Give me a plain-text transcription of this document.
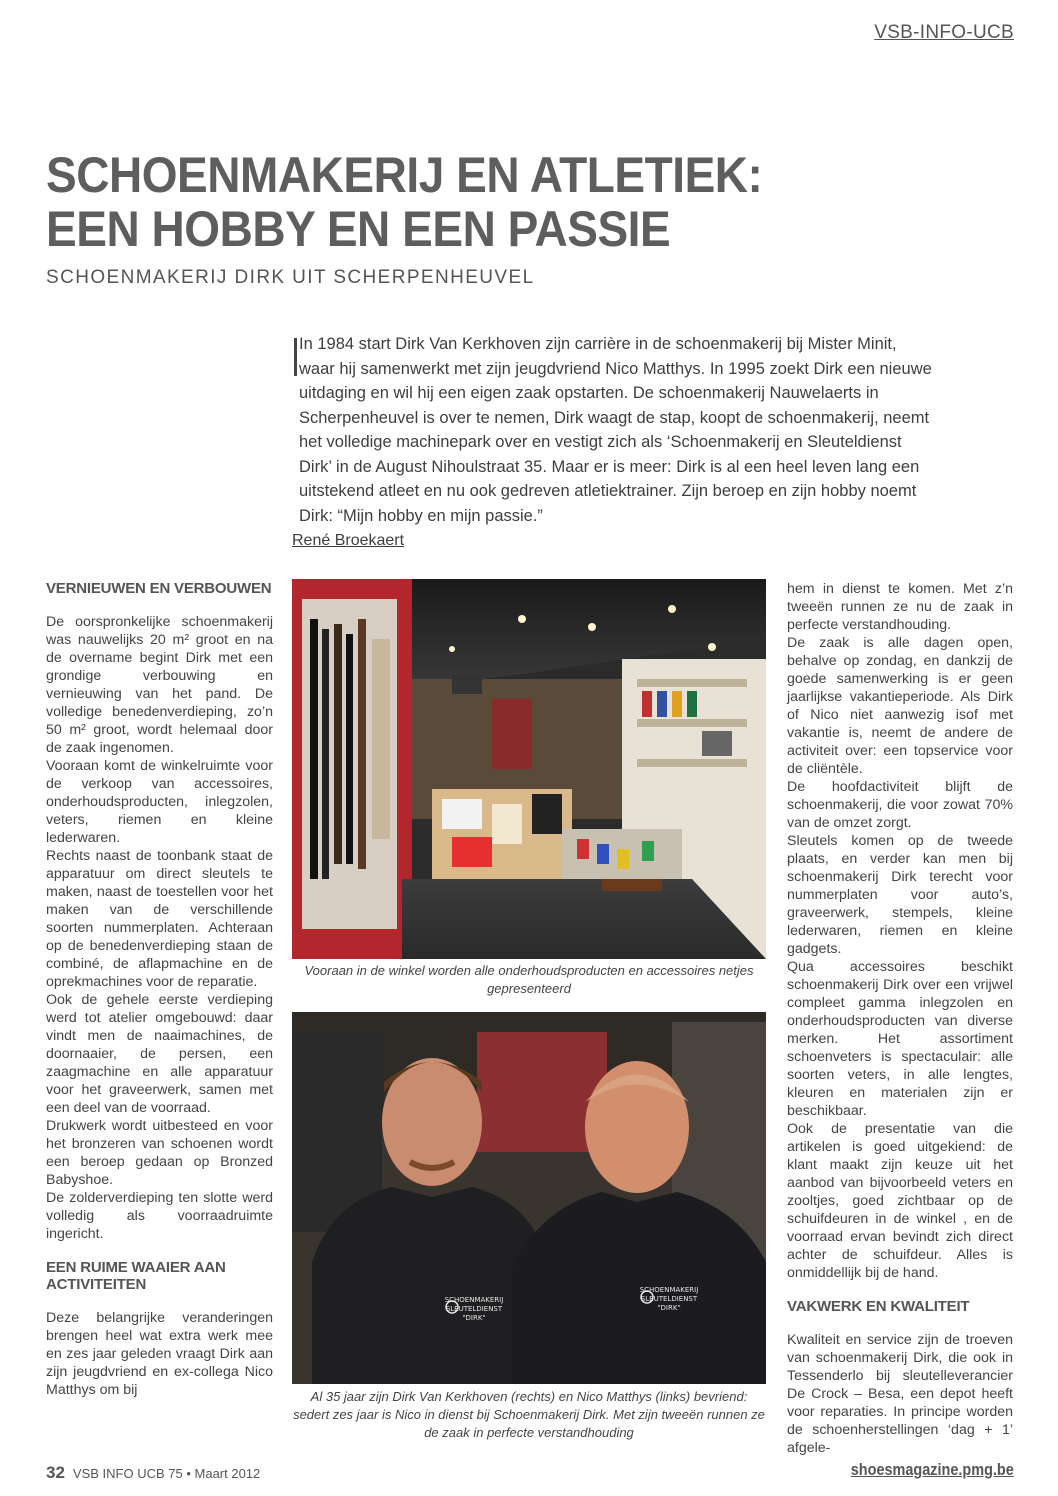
VSB-INFO-UCB
SCHOENMAKERIJ EN ATLETIEK:
EEN HOBBY EN EEN PASSIE
SCHOENMAKERIJ DIRK UIT SCHERPENHEUVEL

In 1984 start Dirk Van Kerkhoven zijn carrière in de schoenmakerij bij Mister Minit, waar hij samenwerkt met zijn jeugdvriend Nico Matthys. In 1995 zoekt Dirk een nieuwe uitdaging en wil hij een eigen zaak opstarten. De schoenmakerij Nauwelaerts in Scherpenheuvel is over te nemen, Dirk waagt de stap, koopt de schoenmakerij, neemt het volledige machinepark over en vestigt zich als ‘Schoenmakerij en Sleuteldienst Dirk’ in de August Nihoulstraat 35. Maar er is meer: Dirk is al een heel leven lang een uitstekend atleet en nu ook gedreven atletiektrainer. Zijn beroep en zijn hobby noemt Dirk: “Mijn hobby en mijn passie.”

René Broekaert
VERNIEUWEN EN VERBOUWEN

De oorspronkelijke schoenmakerij was nauwelijks 20 m² groot en na de overname begint Dirk met een grondige verbouwing en vernieuwing van het pand. De volledige benedenverdieping, zo’n 50 m² groot, wordt helemaal door de zaak ingenomen.

Vooraan komt de winkelruimte voor de verkoop van accessoires, onderhoudsproducten, inlegzolen, veters, riemen en kleine lederwaren.

Rechts naast de toonbank staat de apparatuur om direct sleutels te maken, naast de toestellen voor het maken van de verschillende soorten nummerplaten. Achteraan op de benedenverdieping staan de combiné, de aflapmachine en de oprekmachines voor de reparatie.

Ook de gehele eerste verdieping werd tot atelier omgebouwd: daar vindt men de naaimachines, de doornaaier, de persen, een zaagmachine en alle apparatuur voor het graveerwerk, samen met een deel van de voorraad.

Drukwerk wordt uitbesteed en voor het bronzeren van schoenen wordt een beroep gedaan op Bronzed Babyshoe.

De zolderverdieping ten slotte werd volledig als voorraadruimte ingericht.

EEN RUIME WAAIER AAN ACTIVITEITEN

Deze belangrijke veranderingen brengen heel wat extra werk mee en zes jaar geleden vraagt Dirk aan zijn jeugdvriend en ex-collega Nico Matthys om bij

Vooraan in de winkel worden alle onderhoudsproducten en accessoires netjes gepresenteerd

SCHOENMAKERIJ
SLEUTELDIENST
"DIRK"
SCHOENMAKERIJ
SLEUTELDIENST
"DIRK"

Al 35 jaar zijn Dirk Van Kerkhoven (rechts) en Nico Matthys (links) bevriend: sedert zes jaar is Nico in dienst bij Schoenmakerij Dirk. Met zijn tweeën runnen ze de zaak in perfecte verstandhouding

hem in dienst te komen. Met z’n tweeën runnen ze nu de zaak in perfecte verstandhouding.

De zaak is alle dagen open, behalve op zondag, en dankzij de goede samenwerking is er geen jaarlijkse vakantieperiode. Als Dirk of Nico niet aanwezig isof met vakantie is, neemt de andere de activiteit over: een topservice voor de cliëntèle.

De hoofdactiviteit blijft de schoenmakerij, die voor zowat 70% van de omzet zorgt.

Sleutels komen op de tweede plaats, en verder kan men bij schoenmakerij Dirk terecht voor nummerplaten voor auto’s, graveerwerk, stempels, kleine lederwaren, riemen en kleine gadgets.

Qua accessoires beschikt schoenmakerij Dirk over een vrijwel compleet gamma inlegzolen en onderhoudsproducten van diverse merken. Het assortiment schoenveters is spectaculair: alle soorten veters, in alle lengtes, kleuren en materialen zijn er beschikbaar.

Ook de presentatie van die artikelen is goed uitgekiend: de klant maakt zijn keuze uit het aanbod van bijvoorbeeld veters en zooltjes, goed zichtbaar op de schuifdeuren in de winkel , en de voorraad ervan bevindt zich direct achter de schuifdeur. Alles is onmiddellijk bij de hand.

VAKWERK EN KWALITEIT

Kwaliteit en service zijn de troeven van schoenmakerij Dirk, die ook in Tessenderlo bij sleutelleverancier De Crock – Besa, een depot heeft voor reparaties. In principe worden de schoenherstellingen ‘dag + 1’ afgele-

32 VSB INFO UCB 75 • Maart 2012	shoesmagazine.pmg.be
